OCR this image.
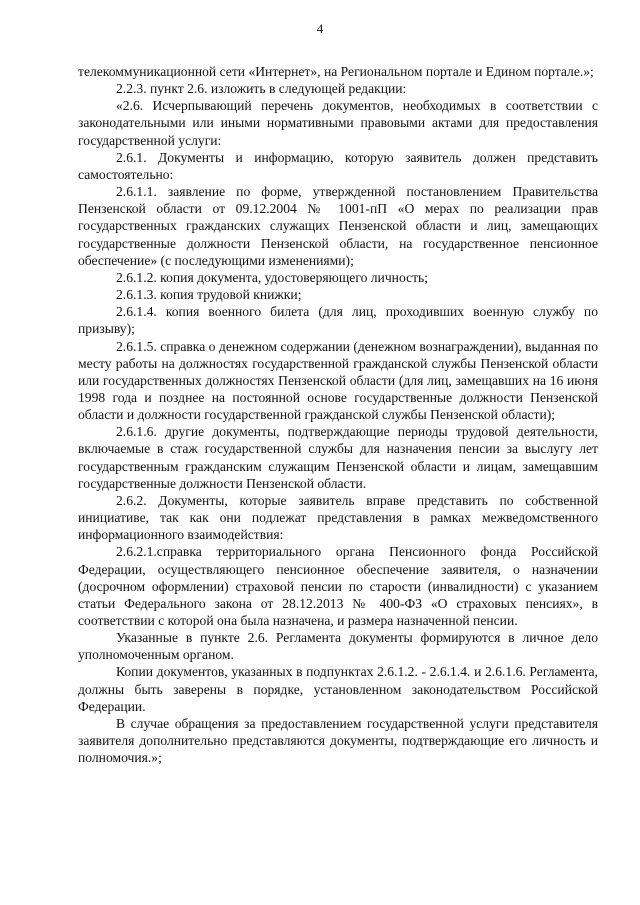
4

телекоммуникационной сети «Интернет», на Региональном портале и Едином порталe.»;

2.2.3. пункт 2.6. изложить в следующей редакции:

«2.6. Исчерпывающий перечень документов, необходимых в соответствии с законодательными или иными нормативными правовыми актами для предоставления государственной услуги:

2.6.1. Документы и информацию, которую заявитель должен представить самостоятельно:

2.6.1.1. заявление по форме, утвержденной постановлением Правительства Пензенской области от 09.12.2004 № 1001-пП «О мерах по реализации прав государственных гражданских служащих Пензенской области и лиц, замещающих государственные должности Пензенской области, на государственное пенсионное обеспечение» (с последующими изменениями);

2.6.1.2. копия документа, удостоверяющего личность;

2.6.1.3. копия трудовой книжки;

2.6.1.4. копия военного билета (для лиц, проходивших военную службу по призыву);

2.6.1.5. справка о денежном содержании (денежном вознаграждении), выданная по месту работы на должностях государственной гражданской службы Пензенской области или государственных должностях Пензенской области (для лиц, замещавших на 16 июня 1998 года и позднее на постоянной основе государственные должности Пензенской области и должности государственной гражданской службы Пензенской области);

2.6.1.6. другие документы, подтверждающие периоды трудовой деятельности, включаемые в стаж государственной службы для назначения пенсии за выслугу лет государственным гражданским служащим Пензенской области и лицам, замещавшим государственные должности Пензенской области.

2.6.2. Документы, которые заявитель вправе представить по собственной инициативе, так как они подлежат представления в рамках межведомственного информационного взаимодействия:

2.6.2.1.справка территориального органа Пенсионного фонда Российской Федерации, осуществляющего пенсионное обеспечение заявителя, о назначении (досрочном оформлении) страховой пенсии по старости (инвалидности) с указанием статьи Федерального закона от 28.12.2013 № 400-ФЗ «О страховых пенсиях», в соответствии с которой она была назначена, и размера назначенной пенсии.

Указанные в пункте 2.6. Регламента документы формируются в личное дело уполномоченным органом.

Копии документов, указанных в подпунктах 2.6.1.2. - 2.6.1.4. и 2.6.1.6. Регламента, должны быть заверены в порядке, установленном законодательством Российской Федерации.

В случае обращения за предоставлением государственной услуги представителя заявителя дополнительно представляются документы, подтверждающие его личность и полномочия.»;
